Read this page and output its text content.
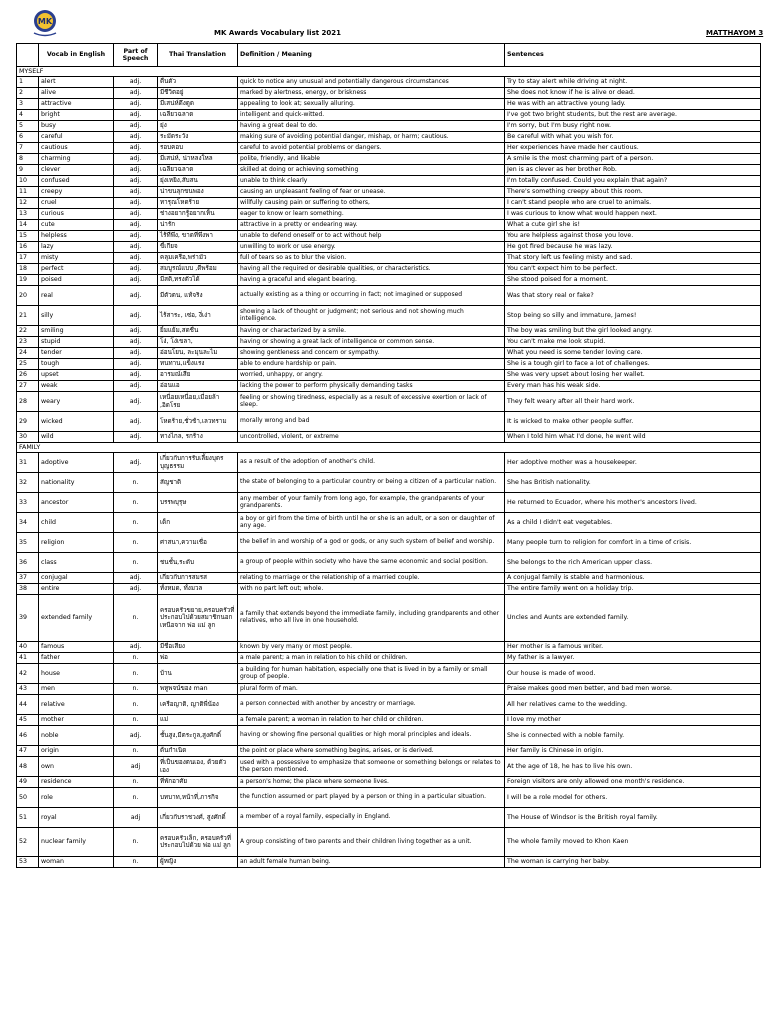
MK
MK Awards Vocabulary list 2021	MATTHAYOM 3
	Vocab in English	Part of Speech	Thai Translation	Definition / Meaning	Sentences
MYSELF					
1	alert	adj.	ตื่นตัว	quick to notice any unusual and potentially dangerous circumstances	Try to stay alert while driving at night.
2	alive	adj.	มีชีวิตอยู่	marked by alertness, energy, or briskness	She does not know if he is alive or dead.
3	attractive	adj.	มีเสน่ห์ดึงดูด	appealing to look at; sexually alluring.	He was with an attractive young lady.
4	bright	adj.	เฉลียวฉลาด	intelligent and quick-witted.	I've got two bright students, but the rest are average.
5	busy	adj.	ยุ่ง	having a great deal to do.	I'm sorry, but I'm busy right now.
6	careful	adj.	ระมัดระวัง	making sure of avoiding potential danger, mishap, or harm; cautious.	Be careful with what you wish for.
7	cautious	adj.	รอบคอบ	careful to avoid potential problems or dangers.	Her experiences have made her cautious.
8	charming	adj.	มีเสน่ห์, น่าหลงใหล	polite, friendly, and likable	A smile is the most charming part of a person.
9	clever	adj.	เฉลียวฉลาด	skilled at doing or achieving something	Jen is as clever as her brother Rob.
10	confused	adj.	ยุ่งเหยิง,สับสน	unable to think clearly	I'm totally confused. Could you explain that again?
11	creepy	adj.	น่าขนลุกขนพอง	causing an unpleasant feeling of fear or unease.	There's something creepy about this room.
12	cruel	adj.	ทารุณโหดร้าย	willfully causing pain or suffering to others,	I can't stand people who are cruel to animals.
13	curious	adj.	ช่างอยากรู้อยากเห็น	eager to know or learn something.	I was curious to know what would happen next.
14	cute	adj.	น่ารัก	attractive in a pretty or endearing way.	What a cute girl she is!
15	helpless	adj.	ไร้ที่พึ่ง, ขาดที่พึ่งพา	unable to defend oneself or to act without help	You are helpless against those you love.
16	lazy	adj.	ขี้เกียจ	unwilling to work or use energy.	He got fired because he was lazy.
17	misty	adj.	คลุมเครือ,พร่ามัว	full of tears so as to blur the vision.	That story left us feeling misty and sad.
18	perfect	adj.	สมบูรณ์แบบ ,ดีพร้อม	having all the required or desirable qualities, or characteristics.	You can't expect him to be perfect.
19	poised	adj.	มีสติ,ทรงตัวได้	having a graceful and elegant bearing.	She stood poised for a moment.
20	real	adj.	มีตัวตน, แท้จริง	actually existing as a thing or occurring in fact; not imagined or supposed	Was that story real or fake?
21	silly	adj.	ไร้สาระ, เซ่อ, งี่เง่า	showing a lack of thought or judgment; not serious and not showing much intelligence.	Stop being so silly and immature, James!
22	smiling	adj.	ยิ้มแย้ม,สดชื่น	having or characterized by a smile.	The boy was smiling but the girl looked angry.
23	stupid	adj.	โง่, โง่เขลา,	having or showing a great lack of intelligence or common sense.	You can't make me look stupid.
24	tender	adj.	อ่อนโยน, ละมุนละไม	showing gentleness and concern or sympathy.	What you need is some tender loving care.
25	tough	adj.	ทนทาน,แข็งแรง	able to endure hardship or pain.	She is a tough girl to face a lot of challenges.
26	upset	adj.	อารมณ์เสีย	worried, unhappy, or angry.	She was very upset about losing her wallet.
27	weak	adj.	อ่อนแอ	lacking the power to perform physically demanding tasks	Every man has his weak side.
28	weary	adj.	เหนื่อยเหนื่อย,เมื่อยล้า ,อิดโรย	feeling or showing tiredness, especially as a result of excessive exertion or lack of sleep.	They felt weary after all their hard work.
29	wicked	adj.	โหดร้าย,ชั่วช้า,เลวทราม	morally wrong and bad	It is wicked to make other people suffer.
30	wild	adj.	ทางไกล, รกร้าง	uncontrolled, violent, or extreme	When I told him what I'd done, he went wild
FAMILY					
31	adoptive	adj.	เกี่ยวกับการรับเลี้ยงบุตรบุญธรรม	as a result of the adoption of another's child.	Her adoptive mother was a housekeeper.
32	nationality	n.	สัญชาติ	the state of belonging to a particular country or being a citizen of a particular nation.	She has British nationality.
33	ancestor	n.	บรรพบุรุษ	any member of your family from long ago, for example, the grandparents of your grandparents.	He returned to Ecuador, where his mother's ancestors lived.
34	child	n.	เด็ก	a boy or girl from the time of birth until he or she is an adult, or a son or daughter of any age.	As a child I didn't eat vegetables.
35	religion	n.	ศาสนา,ความเชื่อ	the belief in and worship of a god or gods, or any such system of belief and worship.	Many people turn to religion for comfort in a time of crisis.
36	class	n.	ชนชั้น,ระดับ	a group of people within society who have the same economic and social position.	She belongs to the rich American upper class.
37	conjugal	adj.	เกี่ยวกับการสมรส	relating to marriage or the relationship of a married couple.	A conjugal family is stable and harmonious.
38	entire	adj.	ทั้งหมด, ทั้งมวล	with no part left out; whole.	The entire family went on a holiday trip.
39	extended family	n.	ครอบครัวขยาย,ครอบครัวที่ประกอบไปด้วยสมาชิกนอกเหนือจาก พ่อ แม่ ลูก	a family that extends beyond the immediate family, including grandparents and other relatives, who all live in one household.	Uncles and Aunts are extended family.
40	famous	adj.	มีชื่อเสียง	known by very many or most people.	Her mother is a famous writer.
41	father	n.	พ่อ	a male parent; a man in relation to his child or children.	My father is a lawyer.
42	house	n.	บ้าน	a building for human habitation, especially one that is lived in by a family or small group of people.	Our house is made of wood.
43	men	n.	พหูพจน์ของ man	plural form of man.	Praise makes good men better, and bad men worse.
44	relative	n.	เครือญาติ, ญาติพี่น้อง	a person connected with another by ancestry or marriage.	All her relatives came to the wedding.
45	mother	n.	แม่	a female parent; a woman in relation to her child or children.	I love my mother
46	noble	adj.	ชั้นสูง,มีตระกูล,สูงศักดิ์	having or showing fine personal qualities or high moral principles and ideals.	She is connected with a noble family.
47	origin	n.	ต้นกำเนิด	the point or place where something begins, arises, or is derived.	Her family is Chinese in origin.
48	own	adj	ที่เป็นของตนเอง, ด้วยตัวเอง	used with a possessive to emphasize that someone or something belongs or relates to the person mentioned.	At the age of 18, he has to live his own.
49	residence	n.	ที่พักอาศัย	a person's home; the place where someone lives.	Foreign visitors are only allowed one month's residence.
50	role	n.	บทบาท,หน้าที่,ภารกิจ	the function assumed or part played by a person or thing in a particular situation.	I will be a role model for others.
51	royal	adj	เกี่ยวกับราชวงศ์, สูงศักดิ์	a member of a royal family, especially in England.	The House of Windsor is the British royal family.
52	nuclear family	n.	ครอบครัวเล็ก, ครอบครัวที่ประกอบไปด้วย พ่อ แม่ ลูก	A group consisting of two parents and their children living together as a unit.	The whole family moved to Khon Kaen
53	woman	n.	ผู้หญิง	an adult female human being.	The woman is carrying her baby.
